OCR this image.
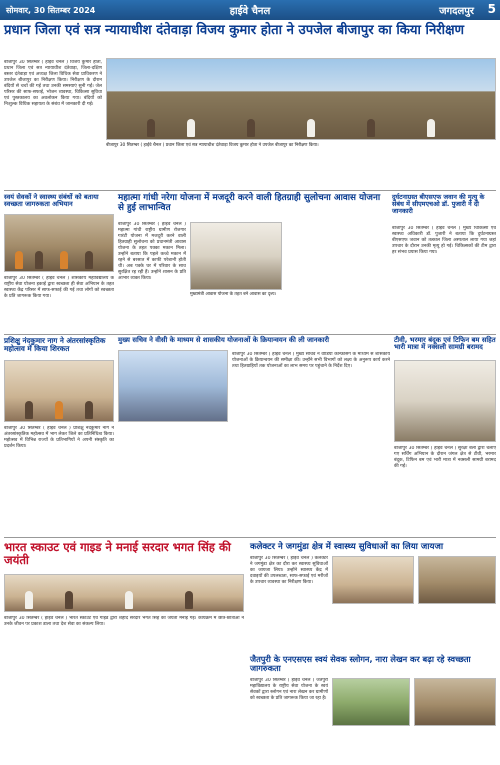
सोमवार, 30 सितम्बर 2024	हाईवे चैनल	जगदलपुर	5
प्रधान जिला एवं सत्र न्यायाधीश दंतेवाड़ा विजय कुमार होता ने उपजेल बीजापुर का किया निरीक्षण
बीजापुर 30 सितम्बर ( हाईवे चैनल ) विजय कुमार होता, प्रधान जिला एवं सत्र न्यायाधीश दंतेवाड़ा, जिला-दक्षिण बस्तर दंतेवाड़ा एवं अध्यक्ष जिला विधिक सेवा प्राधिकरण ने उपजेल बीजापुर का निरीक्षण किया। निरीक्षण के दौरान बंदियों से चर्चा की गई तथा उनकी समस्याएं सुनी गईं। जेल परिसर की साफ-सफाई, भोजन व्यवस्था, चिकित्सा सुविधा एवं पुस्तकालय का अवलोकन किया गया। बंदियों को निःशुल्क विधिक सहायता के संबंध में जानकारी दी गई।
बीजापुर 30 सितम्बर ( हाईवे चैनल ) प्रधान जिला एवं सत्र न्यायाधीश दंतेवाड़ा विजय कुमार होता ने उपजेल बीजापुर का निरीक्षण किया।
स्वयं सेवकों ने स्वास्थ्य संबंधों को बताया स्वच्छता जागरुकता अभियान
बीजापुर 30 सितम्बर ( हाईवे चैनल ) शासकीय महाविद्यालय के राष्ट्रीय सेवा योजना इकाई द्वारा स्वच्छता ही सेवा अभियान के तहत स्वास्थ्य केंद्र परिसर में साफ-सफाई की गई तथा लोगों को स्वच्छता के प्रति जागरूक किया गया।
महात्मा गांधी नरेगा योजना में मजदूरी करने वाली हितग्राही सुलोचना आवास योजना से हुई लाभान्वित
बीजापुर 30 सितम्बर ( हाईवे चैनल ) महात्मा गांधी राष्ट्रीय ग्रामीण रोजगार गारंटी योजना में मजदूरी करने वाली हितग्राही सुलोचना को प्रधानमंत्री आवास योजना के तहत पक्का मकान मिला। उन्होंने बताया कि पहले कच्चे मकान में रहने से बरसात में काफी परेशानी होती थी। अब पक्के घर में परिवार के साथ सुरक्षित रह रही हैं। उन्होंने शासन के प्रति आभार व्यक्त किया।
मुख्यमंत्री आवास योजना के तहत बने आवास का दृश्य।
दुर्घटनाग्रस्त बीएसएफ जवान की मृत्यु के संबंध में सीएमएचओ डॉ. पुजारी ने दी जानकारी
बीजापुर 30 सितम्बर ( हाईवे चैनल ) मुख्य चिकित्सा एवं स्वास्थ्य अधिकारी डॉ. पुजारी ने बताया कि दुर्घटनाग्रस्त बीएसएफ जवान को तत्काल जिला अस्पताल लाया गया जहां उपचार के दौरान उनकी मृत्यु हो गई। चिकित्सकों की टीम द्वारा हर संभव प्रयास किया गया।
प्रशिक्षु नंदकुमार नाग ने अंतरसांस्कृतिक महोत्सव में किया शिरकत
बीजापुर 30 सितम्बर ( हाईवे चैनल ) प्रशिक्षु नंदकुमार नाग ने अंतरसांस्कृतिक महोत्सव में भाग लेकर जिले का प्रतिनिधित्व किया। महोत्सव में विभिन्न राज्यों के प्रतिभागियों ने अपनी संस्कृति का प्रदर्शन किया।
मुख्य सचिव ने वीसी के माध्यम से शासकीय योजनाओं के क्रियान्वयन की ली जानकारी
बीजापुर 30 सितम्बर ( हाईवे चैनल ) मुख्य सचिव ने वीडियो कॉन्फ्रेंसिंग के माध्यम से शासकीय योजनाओं के क्रियान्वयन की समीक्षा की। उन्होंने सभी विभागों को लक्ष्य के अनुरूप कार्य करने तथा हितग्राहियों तक योजनाओं का लाभ समय पर पहुंचाने के निर्देश दिए।
टीवी, भरमार बंदूक एवं टिफिन बम सहित भारी मात्रा में नक्सली सामग्री बरामद
बीजापुर 30 सितम्बर ( हाईवे चैनल ) सुरक्षा बलों द्वारा चलाए गए सर्चिंग अभियान के दौरान जंगल क्षेत्र से टीवी, भरमार बंदूक, टिफिन बम एवं भारी मात्रा में नक्सली सामग्री बरामद की गई।
भारत स्काउट एवं गाइड ने मनाई सरदार भगत सिंह की जयंती
बीजापुर 30 सितम्बर ( हाईवे चैनल ) भारत स्काउट एवं गाइड द्वारा शहीद सरदार भगत सिंह की जयंती मनाई गई। कार्यक्रम में छात्र-छात्राओं ने उनके जीवन पर प्रकाश डाला तथा देश सेवा का संकल्प लिया।
कलेक्टर ने जगमुंडा क्षेत्र में स्वास्थ्य सुविधाओं का लिया जायजा
बीजापुर 30 सितम्बर ( हाईवे चैनल ) कलेक्टर ने जगमुंडा क्षेत्र का दौरा कर स्वास्थ्य सुविधाओं का जायजा लिया। उन्होंने स्वास्थ्य केंद्र में दवाइयों की उपलब्धता, साफ-सफाई एवं मरीजों के उपचार व्यवस्था का निरीक्षण किया।
जैतपुरी के एनएसएस स्वयं सेवक स्लोगन, नारा लेखन कर बढ़ा रहे स्वच्छता जागरुकता
बीजापुर 30 सितम्बर ( हाईवे चैनल ) जैतपुरी महाविद्यालय के राष्ट्रीय सेवा योजना के स्वयं सेवकों द्वारा स्लोगन एवं नारा लेखन कर ग्रामीणों को स्वच्छता के प्रति जागरूक किया जा रहा है।
